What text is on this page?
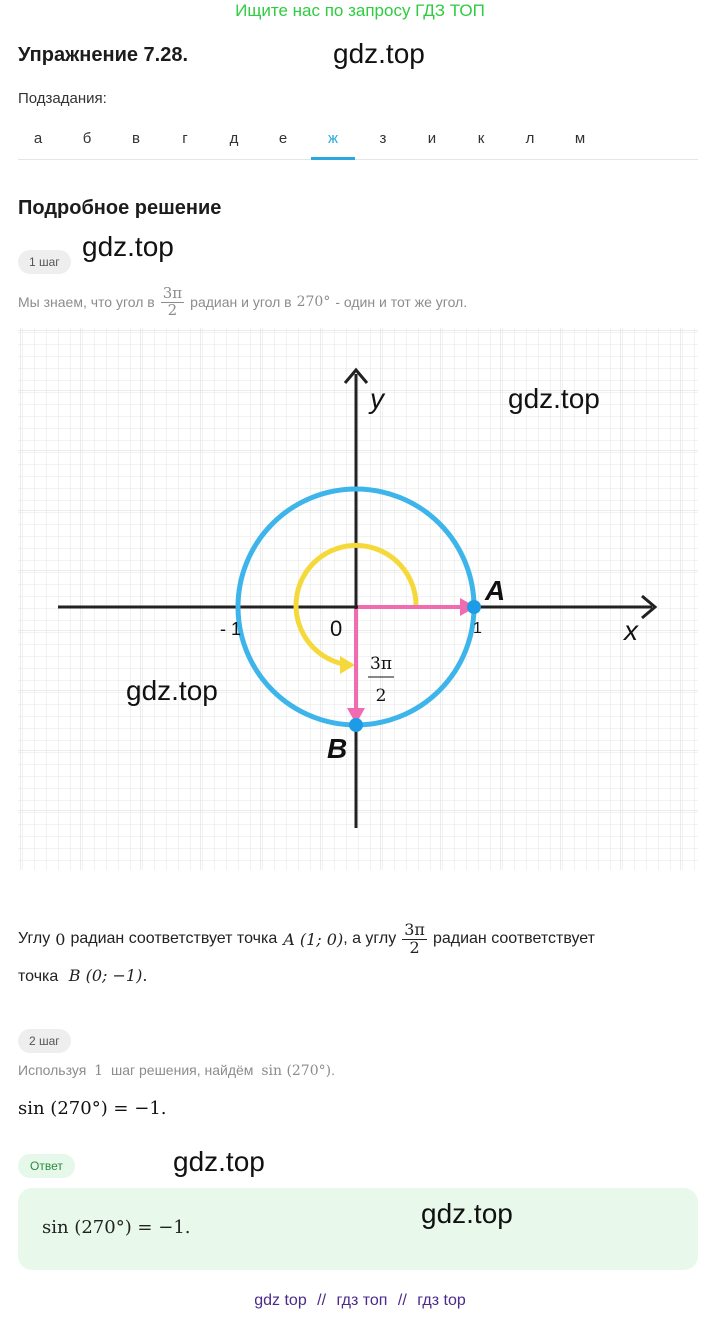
Ищите нас по запросу ГДЗ ТОП
Упражнение 7.28.	gdz.top
Подзадания:
а	б	в	г	д	е	ж	з	и	к	л	м
Подробное решение
1 шаг gdz.top
Мы знаем, что угол в $\frac{3\pi}{2}$ радиан и угол в 270° - один и тот же угол.
y
x
- 1	0	1
A
B
3π
2
gdz.top
gdz.top
Углу 0 радиан соответствует точка A (1; 0) , а углу $\frac{3\pi}{2}$ радиан соответствует
точка B (0; −1).
2 шаг
Используя 1 шаг решения, найдём sin (270°).
sin (270°) = −1.
Ответ	gdz.top
sin (270°) = −1.	gdz.top
gdz top // гдз топ // гдз top
